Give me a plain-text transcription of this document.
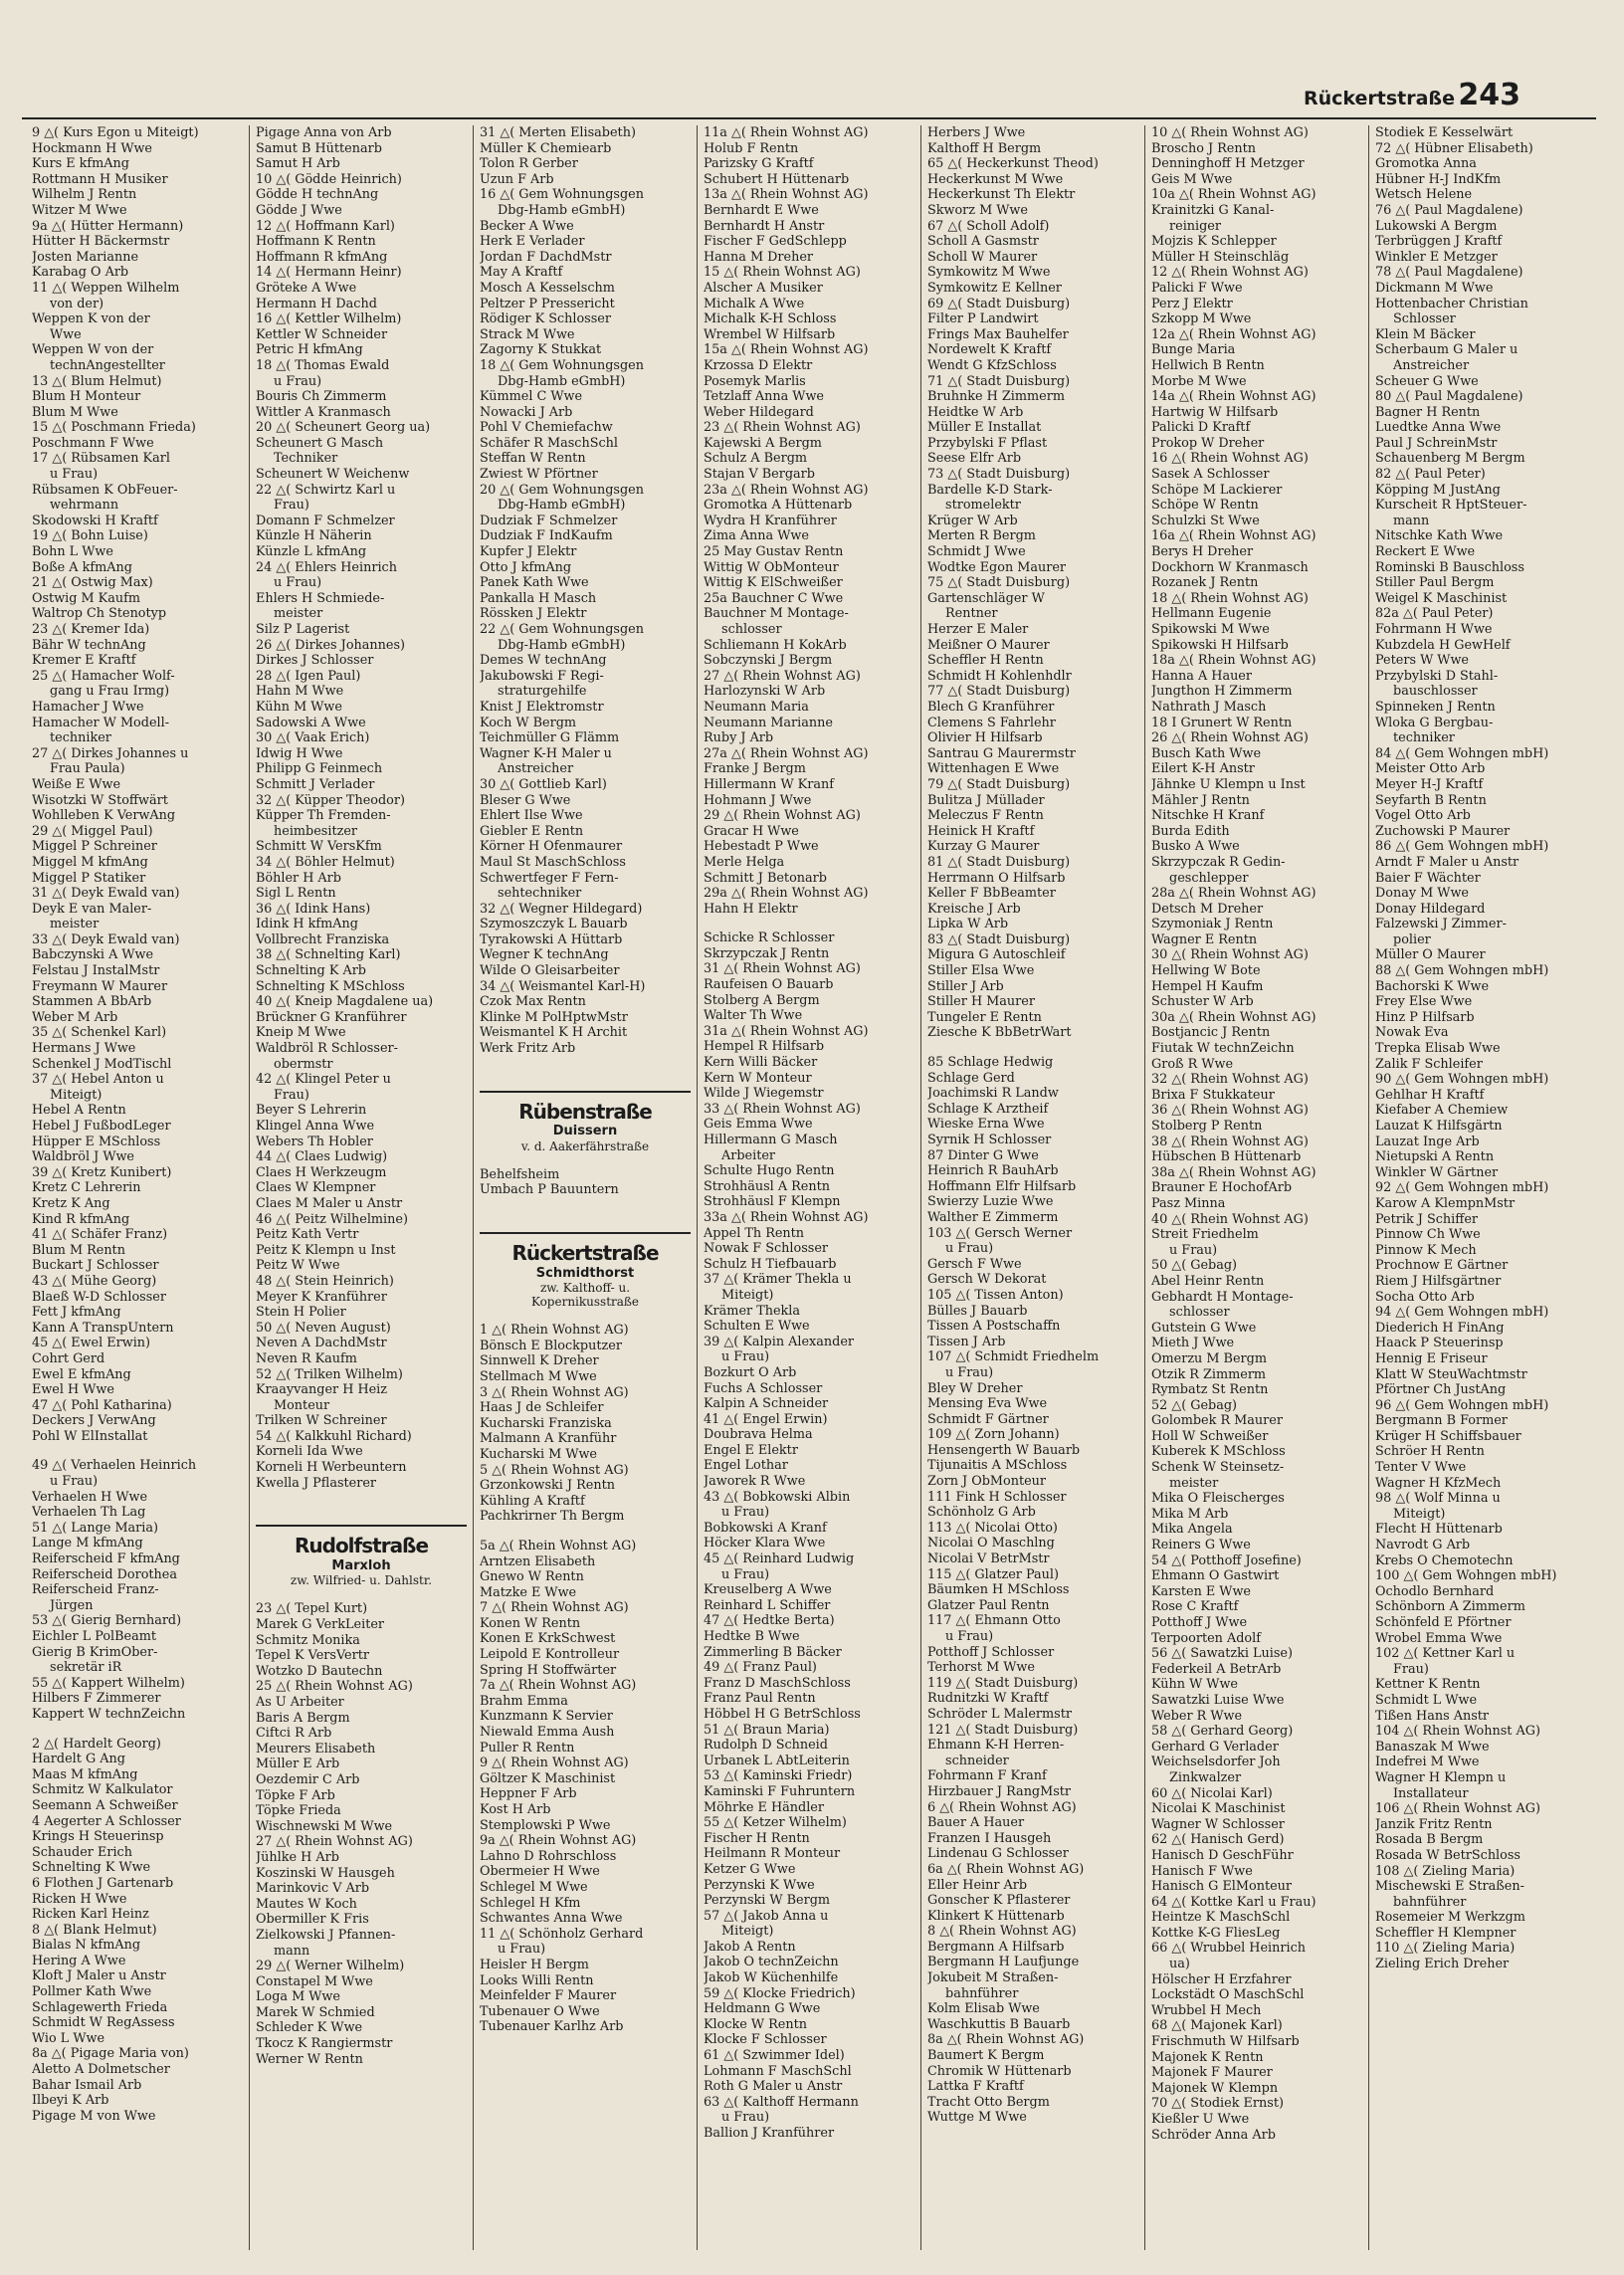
Rückertstraße 243
9 △( Kurs Egon u Miteigt)
Hockmann H Wwe
Kurs E kfmAng
Rottmann H Musiker
Wilhelm J Rentn
Witzer M Wwe
9a △( Hütter Hermann)
Hütter H Bäckermstr
Josten Marianne
Karabag O Arb
11 △( Weppen Wilhelm
von der)
Weppen K von der
Wwe
Weppen W von der
technAngestellter
13 △( Blum Helmut)
Blum H Monteur
Blum M Wwe
15 △( Poschmann Frieda)
Poschmann F Wwe
17 △( Rübsamen Karl
u Frau)
Rübsamen K ObFeuer-
wehrmann
Skodowski H Kraftf
19 △( Bohn Luise)
Bohn L Wwe
Boße A kfmAng
21 △( Ostwig Max)
Ostwig M Kaufm
Waltrop Ch Stenotyp
23 △( Kremer Ida)
Bähr W technAng
Kremer E Kraftf
25 △( Hamacher Wolf-
gang u Frau Irmg)
Hamacher J Wwe
Hamacher W Modell-
techniker
27 △( Dirkes Johannes u
Frau Paula)
Weiße E Wwe
Wisotzki W Stoffwärt
Wohlleben K VerwAng
29 △( Miggel Paul)
Miggel P Schreiner
Miggel M kfmAng
Miggel P Statiker
31 △( Deyk Ewald van)
Deyk E van Maler-
meister
33 △( Deyk Ewald van)
Babczynski A Wwe
Felstau J InstalMstr
Freymann W Maurer
Stammen A BbArb
Weber M Arb
35 △( Schenkel Karl)
Hermans J Wwe
Schenkel J ModTischl
37 △( Hebel Anton u
Miteigt)
Hebel A Rentn
Hebel J FußbodLeger
Hüpper E MSchloss
Waldbröl J Wwe
39 △( Kretz Kunibert)
Kretz C Lehrerin
Kretz K Ang
Kind R kfmAng
41 △( Schäfer Franz)
Blum M Rentn
Buckart J Schlosser
43 △( Mühe Georg)
Blaeß W-D Schlosser
Fett J kfmAng
Kann A TranspUntern
45 △( Ewel Erwin)
Cohrt Gerd
Ewel E kfmAng
Ewel H Wwe
47 △( Pohl Katharina)
Deckers J VerwAng
Pohl W ElInstallat
49 △( Verhaelen Heinrich
u Frau)
Verhaelen H Wwe
Verhaelen Th Lag
51 △( Lange Maria)
Lange M kfmAng
Reiferscheid F kfmAng
Reiferscheid Dorothea
Reiferscheid Franz-
Jürgen
53 △( Gierig Bernhard)
Eichler L PolBeamt
Gierig B KrimOber-
sekretär iR
55 △( Kappert Wilhelm)
Hilbers F Zimmerer
Kappert W technZeichn
2 △( Hardelt Georg)
Hardelt G Ang
Maas M kfmAng
Schmitz W Kalkulator
Seemann A Schweißer
4 Aegerter A Schlosser
Krings H Steuerinsp
Schauder Erich
Schnelting K Wwe
6 Flothen J Gartenarb
Ricken H Wwe
Ricken Karl Heinz
8 △( Blank Helmut)
Bialas N kfmAng
Hering A Wwe
Kloft J Maler u Anstr
Pollmer Kath Wwe
Schlagewerth Frieda
Schmidt W RegAssess
Wio L Wwe
8a △( Pigage Maria von)
Aletto A Dolmetscher
Bahar Ismail Arb
Ilbeyi K Arb
Pigage M von Wwe
Pigage Anna von Arb
Samut B Hüttenarb
Samut H Arb
10 △( Gödde Heinrich)
Gödde H technAng
Gödde J Wwe
12 △( Hoffmann Karl)
Hoffmann K Rentn
Hoffmann R kfmAng
14 △( Hermann Heinr)
Gröteke A Wwe
Hermann H Dachd
16 △( Kettler Wilhelm)
Kettler W Schneider
Petric H kfmAng
18 △( Thomas Ewald
u Frau)
Bouris Ch Zimmerm
Wittler A Kranmasch
20 △( Scheunert Georg ua)
Scheunert G Masch
Techniker
Scheunert W Weichenw
22 △( Schwirtz Karl u
Frau)
Domann F Schmelzer
Künzle H Näherin
Künzle L kfmAng
24 △( Ehlers Heinrich
u Frau)
Ehlers H Schmiede-
meister
Silz P Lagerist
26 △( Dirkes Johannes)
Dirkes J Schlosser
28 △( Igen Paul)
Hahn M Wwe
Kühn M Wwe
Sadowski A Wwe
30 △( Vaak Erich)
Idwig H Wwe
Philipp G Feinmech
Schmitt J Verlader
32 △( Küpper Theodor)
Küpper Th Fremden-
heimbesitzer
Schmitt W VersKfm
34 △( Böhler Helmut)
Böhler H Arb
Sigl L Rentn
36 △( Idink Hans)
Idink H kfmAng
Vollbrecht Franziska
38 △( Schnelting Karl)
Schnelting K Arb
Schnelting K MSchloss
40 △( Kneip Magdalene ua)
Brückner G Kranführer
Kneip M Wwe
Waldbröl R Schlosser-
obermstr
42 △( Klingel Peter u
Frau)
Beyer S Lehrerin
Klingel Anna Wwe
Webers Th Hobler
44 △( Claes Ludwig)
Claes H Werkzeugm
Claes W Klempner
Claes M Maler u Anstr
46 △( Peitz Wilhelmine)
Peitz Kath Vertr
Peitz K Klempn u Inst
Peitz W Wwe
48 △( Stein Heinrich)
Meyer K Kranführer
Stein H Polier
50 △( Neven August)
Neven A DachdMstr
Neven R Kaufm
52 △( Trilken Wilhelm)
Kraayvanger H Heiz
Monteur
Trilken W Schreiner
54 △( Kalkkuhl Richard)
Korneli Ida Wwe
Korneli H Werbeuntern
Kwella J Pflasterer
Rudolfstraße
Marxloh
zw. Wilfried- u. Dahlstr.
23 △( Tepel Kurt)
Marek G VerkLeiter
Schmitz Monika
Tepel K VersVertr
Wotzko D Bautechn
25 △( Rhein Wohnst AG)
As U Arbeiter
Baris A Bergm
Ciftci R Arb
Meurers Elisabeth
Müller E Arb
Oezdemir C Arb
Töpke F Arb
Töpke Frieda
Wischnewski M Wwe
27 △( Rhein Wohnst AG)
Jühlke H Arb
Koszinski W Hausgeh
Marinkovic V Arb
Mautes W Koch
Obermiller K Fris
Zielkowski J Pfannen-
mann
29 △( Werner Wilhelm)
Constapel M Wwe
Loga M Wwe
Marek W Schmied
Schleder K Wwe
Tkocz K Rangiermstr
Werner W Rentn
31 △( Merten Elisabeth)
Müller K Chemiearb
Tolon R Gerber
Uzun F Arb
16 △( Gem Wohnungsgen
Dbg-Hamb eGmbH)
Becker A Wwe
Herk E Verlader
Jordan F DachdMstr
May A Kraftf
Mosch A Kesselschm
Peltzer P Pressericht
Rödiger K Schlosser
Strack M Wwe
Zagorny K Stukkat
18 △( Gem Wohnungsgen
Dbg-Hamb eGmbH)
Kümmel C Wwe
Nowacki J Arb
Pohl V Chemiefachw
Schäfer R MaschSchl
Steffan W Rentn
Zwiest W Pförtner
20 △( Gem Wohnungsgen
Dbg-Hamb eGmbH)
Dudziak F Schmelzer
Dudziak F IndKaufm
Kupfer J Elektr
Otto J kfmAng
Panek Kath Wwe
Pankalla H Masch
Rössken J Elektr
22 △( Gem Wohnungsgen
Dbg-Hamb eGmbH)
Demes W technAng
Jakubowski F Regi-
straturgehilfe
Knist J Elektromstr
Koch W Bergm
Teichmüller G Flämm
Wagner K-H Maler u
Anstreicher
30 △( Gottlieb Karl)
Bleser G Wwe
Ehlert Ilse Wwe
Giebler E Rentn
Körner H Ofenmaurer
Maul St MaschSchloss
Schwertfeger F Fern-
sehtechniker
32 △( Wegner Hildegard)
Szymoszczyk L Bauarb
Tyrakowski A Hüttarb
Wegner K technAng
Wilde O Gleisarbeiter
34 △( Weismantel Karl-H)
Czok Max Rentn
Klinke M PolHptwMstr
Weismantel K H Archit
Werk Fritz Arb
Rübenstraße
Duissern
v. d. Aakerfährstraße
Behelfsheim
Umbach P Bauuntern
Rückertstraße
Schmidthorst
zw. Kalthoff- u.
Kopernikusstraße
1 △( Rhein Wohnst AG)
Bönsch E Blockputzer
Sinnwell K Dreher
Stellmach M Wwe
3 △( Rhein Wohnst AG)
Haas J de Schleifer
Kucharski Franziska
Malmann A Kranführ
Kucharski M Wwe
5 △( Rhein Wohnst AG)
Grzonkowski J Rentn
Kühling A Kraftf
Pachkrirner Th Bergm
5a △( Rhein Wohnst AG)
Arntzen Elisabeth
Gnewo W Rentn
Matzke E Wwe
7 △( Rhein Wohnst AG)
Konen W Rentn
Konen E KrkSchwest
Leipold E Kontrolleur
Spring H Stoffwärter
7a △( Rhein Wohnst AG)
Brahm Emma
Kunzmann K Servier
Niewald Emma Aush
Puller R Rentn
9 △( Rhein Wohnst AG)
Göltzer K Maschinist
Heppner F Arb
Kost H Arb
Stemplowski P Wwe
9a △( Rhein Wohnst AG)
Lahno D Rohrschloss
Obermeier H Wwe
Schlegel M Wwe
Schlegel H Kfm
Schwantes Anna Wwe
11 △( Schönholz Gerhard
u Frau)
Heisler H Bergm
Looks Willi Rentn
Meinfelder F Maurer
Tubenauer O Wwe
Tubenauer Karlhz Arb
11a △( Rhein Wohnst AG)
Holub F Rentn
Parizsky G Kraftf
Schubert H Hüttenarb
13a △( Rhein Wohnst AG)
Bernhardt E Wwe
Bernhardt H Anstr
Fischer F GedSchlepp
Hanna M Dreher
15 △( Rhein Wohnst AG)
Alscher A Musiker
Michalk A Wwe
Michalk K-H Schloss
Wrembel W Hilfsarb
15a △( Rhein Wohnst AG)
Krzossa D Elektr
Posemyk Marlis
Tetzlaff Anna Wwe
Weber Hildegard
23 △( Rhein Wohnst AG)
Kajewski A Bergm
Schulz A Bergm
Stajan V Bergarb
23a △( Rhein Wohnst AG)
Gromotka A Hüttenarb
Wydra H Kranführer
Zima Anna Wwe
25 May Gustav Rentn
Wittig W ObMonteur
Wittig K ElSchweißer
25a Bauchner C Wwe
Bauchner M Montage-
schlosser
Schliemann H KokArb
Sobczynski J Bergm
27 △( Rhein Wohnst AG)
Harlozynski W Arb
Neumann Maria
Neumann Marianne
Ruby J Arb
27a △( Rhein Wohnst AG)
Franke J Bergm
Hillermann W Kranf
Hohmann J Wwe
29 △( Rhein Wohnst AG)
Gracar H Wwe
Hebestadt P Wwe
Merle Helga
Schmitt J Betonarb
29a △( Rhein Wohnst AG)
Hahn H Elektr
Schicke R Schlosser
Skrzypczak J Rentn
31 △( Rhein Wohnst AG)
Raufeisen O Bauarb
Stolberg A Bergm
Walter Th Wwe
31a △( Rhein Wohnst AG)
Hempel R Hilfsarb
Kern Willi Bäcker
Kern W Monteur
Wilde J Wiegemstr
33 △( Rhein Wohnst AG)
Geis Emma Wwe
Hillermann G Masch
Arbeiter
Schulte Hugo Rentn
Strohhäusl A Rentn
Strohhäusl F Klempn
33a △( Rhein Wohnst AG)
Appel Th Rentn
Nowak F Schlosser
Schulz H Tiefbauarb
37 △( Krämer Thekla u
Miteigt)
Krämer Thekla
Schulten E Wwe
39 △( Kalpin Alexander
u Frau)
Bozkurt O Arb
Fuchs A Schlosser
Kalpin A Schneider
41 △( Engel Erwin)
Doubrava Helma
Engel E Elektr
Engel Lothar
Jaworek R Wwe
43 △( Bobkowski Albin
u Frau)
Bobkowski A Kranf
Höcker Klara Wwe
45 △( Reinhard Ludwig
u Frau)
Kreuselberg A Wwe
Reinhard L Schiffer
47 △( Hedtke Berta)
Hedtke B Wwe
Zimmerling B Bäcker
49 △( Franz Paul)
Franz D MaschSchloss
Franz Paul Rentn
Höbbel H G BetrSchloss
51 △( Braun Maria)
Rudolph D Schneid
Urbanek L AbtLeiterin
53 △( Kaminski Friedr)
Kaminski F Fuhruntern
Möhrke E Händler
55 △( Ketzer Wilhelm)
Fischer H Rentn
Heilmann R Monteur
Ketzer G Wwe
Perzynski K Wwe
Perzynski W Bergm
57 △( Jakob Anna u
Miteigt)
Jakob A Rentn
Jakob O technZeichn
Jakob W Küchenhilfe
59 △( Klocke Friedrich)
Heldmann G Wwe
Klocke W Rentn
Klocke F Schlosser
61 △( Szwimmer Idel)
Lohmann F MaschSchl
Roth G Maler u Anstr
63 △( Kalthoff Hermann
u Frau)
Ballion J Kranführer
Herbers J Wwe
Kalthoff H Bergm
65 △( Heckerkunst Theod)
Heckerkunst M Wwe
Heckerkunst Th Elektr
Skworz M Wwe
67 △( Scholl Adolf)
Scholl A Gasmstr
Scholl W Maurer
Symkowitz M Wwe
Symkowitz E Kellner
69 △( Stadt Duisburg)
Filter P Landwirt
Frings Max Bauhelfer
Nordewelt K Kraftf
Wendt G KfzSchloss
71 △( Stadt Duisburg)
Bruhnke H Zimmerm
Heidtke W Arb
Müller E Installat
Przybylski F Pflast
Seese Elfr Arb
73 △( Stadt Duisburg)
Bardelle K-D Stark-
stromelektr
Krüger W Arb
Merten R Bergm
Schmidt J Wwe
Wodtke Egon Maurer
75 △( Stadt Duisburg)
Gartenschläger W
Rentner
Herzer E Maler
Meißner O Maurer
Scheffler H Rentn
Schmidt H Kohlenhdlr
77 △( Stadt Duisburg)
Blech G Kranführer
Clemens S Fahrlehr
Olivier H Hilfsarb
Santrau G Maurermstr
Wittenhagen E Wwe
79 △( Stadt Duisburg)
Bulitza J Müllader
Meleczus F Rentn
Heinick H Kraftf
Kurzay G Maurer
81 △( Stadt Duisburg)
Herrmann O Hilfsarb
Keller F BbBeamter
Kreische J Arb
Lipka W Arb
83 △( Stadt Duisburg)
Migura G Autoschleif
Stiller Elsa Wwe
Stiller J Arb
Stiller H Maurer
Tungeler E Rentn
Ziesche K BbBetrWart
85 Schlage Hedwig
Schlage Gerd
Joachimski R Landw
Schlage K Arztheif
Wieske Erna Wwe
Syrnik H Schlosser
87 Dinter G Wwe
Heinrich R BauhArb
Hoffmann Elfr Hilfsarb
Swierzy Luzie Wwe
Walther E Zimmerm
103 △( Gersch Werner
u Frau)
Gersch F Wwe
Gersch W Dekorat
105 △( Tissen Anton)
Bülles J Bauarb
Tissen A Postschaffn
Tissen J Arb
107 △( Schmidt Friedhelm
u Frau)
Bley W Dreher
Mensing Eva Wwe
Schmidt F Gärtner
109 △( Zorn Johann)
Hensengerth W Bauarb
Tijunaitis A MSchloss
Zorn J ObMonteur
111 Fink H Schlosser
Schönholz G Arb
113 △( Nicolai Otto)
Nicolai O Maschlng
Nicolai V BetrMstr
115 △( Glatzer Paul)
Bäumken H MSchloss
Glatzer Paul Rentn
117 △( Ehmann Otto
u Frau)
Potthoff J Schlosser
Terhorst M Wwe
119 △( Stadt Duisburg)
Rudnitzki W Kraftf
Schröder L Malermstr
121 △( Stadt Duisburg)
Ehmann K-H Herren-
schneider
Fohrmann F Kranf
Hirzbauer J RangMstr
6 △( Rhein Wohnst AG)
Bauer A Hauer
Franzen I Hausgeh
Lindenau G Schlosser
6a △( Rhein Wohnst AG)
Eller Heinr Arb
Gonscher K Pflasterer
Klinkert K Hüttenarb
8 △( Rhein Wohnst AG)
Bergmann A Hilfsarb
Bergmann H Laufjunge
Jokubeit M Straßen-
bahnführer
Kolm Elisab Wwe
Waschkuttis B Bauarb
8a △( Rhein Wohnst AG)
Baumert K Bergm
Chromik W Hüttenarb
Lattka F Kraftf
Tracht Otto Bergm
Wuttge M Wwe
10 △( Rhein Wohnst AG)
Broscho J Rentn
Denninghoff H Metzger
Geis M Wwe
10a △( Rhein Wohnst AG)
Krainitzki G Kanal-
reiniger
Mojzis K Schlepper
Müller H Steinschläg
12 △( Rhein Wohnst AG)
Palicki F Wwe
Perz J Elektr
Szkopp M Wwe
12a △( Rhein Wohnst AG)
Bunge Maria
Hellwich B Rentn
Morbe M Wwe
14a △( Rhein Wohnst AG)
Hartwig W Hilfsarb
Palicki D Kraftf
Prokop W Dreher
16 △( Rhein Wohnst AG)
Sasek A Schlosser
Schöpe M Lackierer
Schöpe W Rentn
Schulzki St Wwe
16a △( Rhein Wohnst AG)
Berys H Dreher
Dockhorn W Kranmasch
Rozanek J Rentn
18 △( Rhein Wohnst AG)
Hellmann Eugenie
Spikowski M Wwe
Spikowski H Hilfsarb
18a △( Rhein Wohnst AG)
Hanna A Hauer
Jungthon H Zimmerm
Nathrath J Masch
18 I Grunert W Rentn
26 △( Rhein Wohnst AG)
Busch Kath Wwe
Eilert K-H Anstr
Jähnke U Klempn u Inst
Mähler J Rentn
Nitschke H Kranf
Burda Edith
Busko A Wwe
Skrzypczak R Gedin-
geschlepper
28a △( Rhein Wohnst AG)
Detsch M Dreher
Szymoniak J Rentn
Wagner E Rentn
30 △( Rhein Wohnst AG)
Hellwing W Bote
Hempel H Kaufm
Schuster W Arb
30a △( Rhein Wohnst AG)
Bostjancic J Rentn
Fiutak W technZeichn
Groß R Wwe
32 △( Rhein Wohnst AG)
Brixa F Stukkateur
36 △( Rhein Wohnst AG)
Stolberg P Rentn
38 △( Rhein Wohnst AG)
Hübschen B Hüttenarb
38a △( Rhein Wohnst AG)
Brauner E HochofArb
Pasz Minna
40 △( Rhein Wohnst AG)
Streit Friedhelm
u Frau)
50 △( Gebag)
Abel Heinr Rentn
Gebhardt H Montage-
schlosser
Gutstein G Wwe
Mieth J Wwe
Omerzu M Bergm
Otzik R Zimmerm
Rymbatz St Rentn
52 △( Gebag)
Golombek R Maurer
Holl W Schweißer
Kuberek K MSchloss
Schenk W Steinsetz-
meister
Mika O Fleischerges
Mika M Arb
Mika Angela
Reiners G Wwe
54 △( Potthoff Josefine)
Ehmann O Gastwirt
Karsten E Wwe
Rose C Kraftf
Potthoff J Wwe
Terpoorten Adolf
56 △( Sawatzki Luise)
Federkeil A BetrArb
Kühn W Wwe
Sawatzki Luise Wwe
Weber R Wwe
58 △( Gerhard Georg)
Gerhard G Verlader
Weichselsdorfer Joh
Zinkwalzer
60 △( Nicolai Karl)
Nicolai K Maschinist
Wagner W Schlosser
62 △( Hanisch Gerd)
Hanisch D GeschFühr
Hanisch F Wwe
Hanisch G ElMonteur
64 △( Kottke Karl u Frau)
Heintze K MaschSchl
Kottke K-G FliesLeg
66 △( Wrubbel Heinrich
ua)
Hölscher H Erzfahrer
Lockstädt O MaschSchl
Wrubbel H Mech
68 △( Majonek Karl)
Frischmuth W Hilfsarb
Majonek K Rentn
Majonek F Maurer
Majonek W Klempn
70 △( Stodiek Ernst)
Kießler U Wwe
Schröder Anna Arb
Stodiek E Kesselwärt
72 △( Hübner Elisabeth)
Gromotka Anna
Hübner H-J IndKfm
Wetsch Helene
76 △( Paul Magdalene)
Lukowski A Bergm
Terbrüggen J Kraftf
Winkler E Metzger
78 △( Paul Magdalene)
Dickmann M Wwe
Hottenbacher Christian
Schlosser
Klein M Bäcker
Scherbaum G Maler u
Anstreicher
Scheuer G Wwe
80 △( Paul Magdalene)
Bagner H Rentn
Luedtke Anna Wwe
Paul J SchreinMstr
Schauenberg M Bergm
82 △( Paul Peter)
Köpping M JustAng
Kurscheit R HptSteuer-
mann
Nitschke Kath Wwe
Reckert E Wwe
Rominski B Bauschloss
Stiller Paul Bergm
Weigel K Maschinist
82a △( Paul Peter)
Fohrmann H Wwe
Kubzdela H GewHelf
Peters W Wwe
Przybylski D Stahl-
bauschlosser
Spinneken J Rentn
Wloka G Bergbau-
techniker
84 △( Gem Wohngen mbH)
Meister Otto Arb
Meyer H-J Kraftf
Seyfarth B Rentn
Vogel Otto Arb
Zuchowski P Maurer
86 △( Gem Wohngen mbH)
Arndt F Maler u Anstr
Baier F Wächter
Donay M Wwe
Donay Hildegard
Falzewski J Zimmer-
polier
Müller O Maurer
88 △( Gem Wohngen mbH)
Bachorski K Wwe
Frey Else Wwe
Hinz P Hilfsarb
Nowak Eva
Trepka Elisab Wwe
Zalik F Schleifer
90 △( Gem Wohngen mbH)
Gehlhar H Kraftf
Kiefaber A Chemiew
Lauzat K Hilfsgärtn
Lauzat Inge Arb
Nietupski A Rentn
Winkler W Gärtner
92 △( Gem Wohngen mbH)
Karow A KlempnMstr
Petrik J Schiffer
Pinnow Ch Wwe
Pinnow K Mech
Prochnow E Gärtner
Riem J Hilfsgärtner
Socha Otto Arb
94 △( Gem Wohngen mbH)
Diederich H FinAng
Haack P Steuerinsp
Hennig E Friseur
Klatt W SteuWachtmstr
Pförtner Ch JustAng
96 △( Gem Wohngen mbH)
Bergmann B Former
Krüger H Schiffsbauer
Schröer H Rentn
Tenter V Wwe
Wagner H KfzMech
98 △( Wolf Minna u
Miteigt)
Flecht H Hüttenarb
Navrodt G Arb
Krebs O Chemotechn
100 △( Gem Wohngen mbH)
Ochodlo Bernhard
Schönborn A Zimmerm
Schönfeld E Pförtner
Wrobel Emma Wwe
102 △( Kettner Karl u
Frau)
Kettner K Rentn
Schmidt L Wwe
Tißen Hans Anstr
104 △( Rhein Wohnst AG)
Banaszak M Wwe
Indefrei M Wwe
Wagner H Klempn u
Installateur
106 △( Rhein Wohnst AG)
Janzik Fritz Rentn
Rosada B Bergm
Rosada W BetrSchloss
108 △( Zieling Maria)
Mischewski E Straßen-
bahnführer
Rosemeier M Werkzgm
Scheffler H Klempner
110 △( Zieling Maria)
Zieling Erich Dreher
